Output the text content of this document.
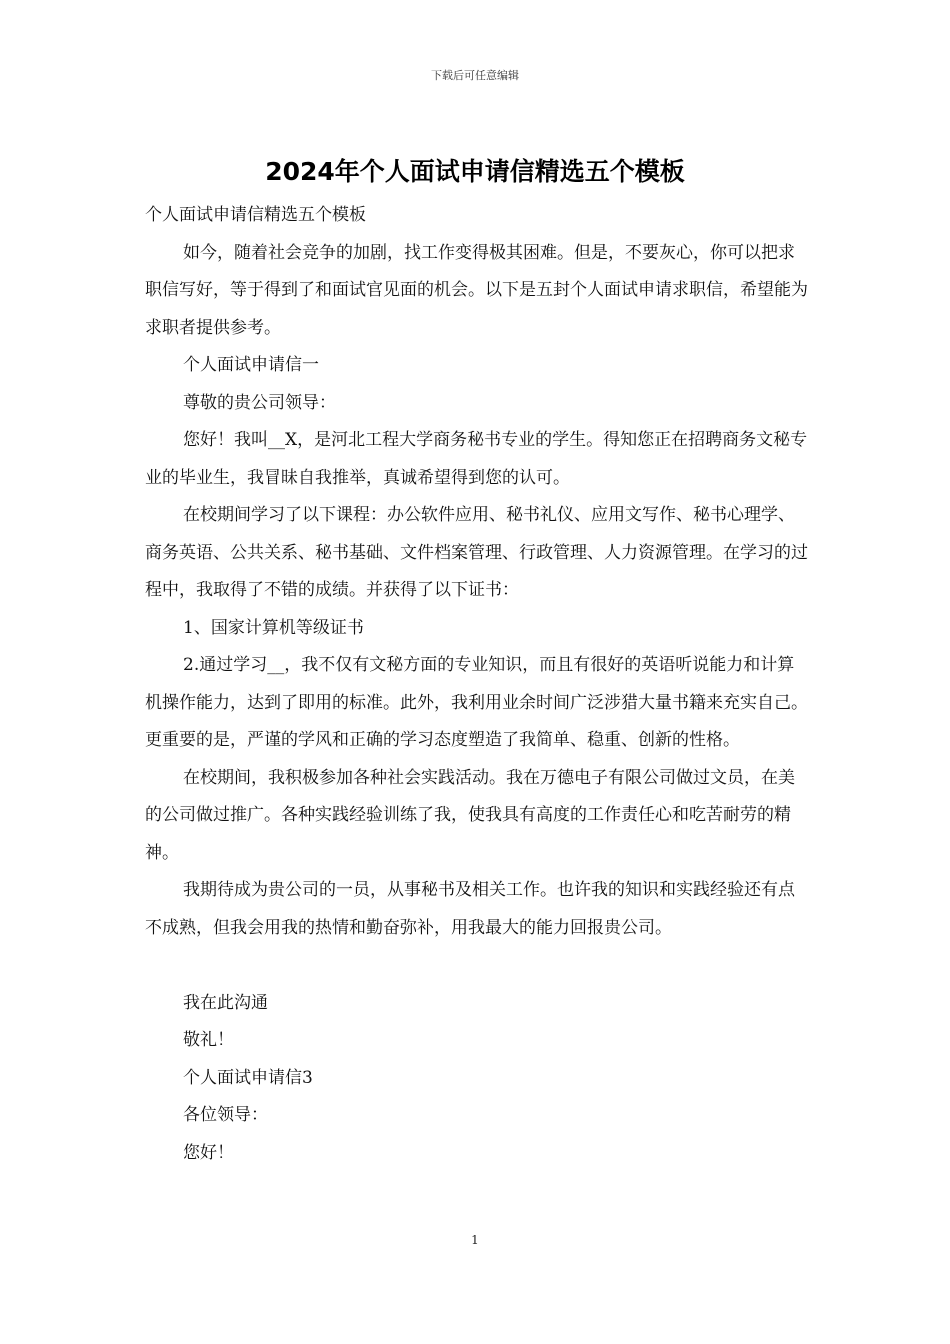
下载后可任意编辑
2024年个人面试申请信精选五个模板

个人面试申请信精选五个模板

如今，随着社会竞争的加剧，找工作变得极其困难。但是，不要灰心，你可以把求职信写好，等于得到了和面试官见面的机会。以下是五封个人面试申请求职信，希望能为求职者提供参考。

个人面试申请信一

尊敬的贵公司领导：

您好！我叫__X，是河北工程大学商务秘书专业的学生。得知您正在招聘商务文秘专业的毕业生，我冒昧自我推举，真诚希望得到您的认可。

在校期间学习了以下课程：办公软件应用、秘书礼仪、应用文写作、秘书心理学、商务英语、公共关系、秘书基础、文件档案管理、行政管理、人力资源管理。在学习的过程中，我取得了不错的成绩。并获得了以下证书：

1、国家计算机等级证书

2.通过学习__，我不仅有文秘方面的专业知识，而且有很好的英语听说能力和计算机操作能力，达到了即用的标准。此外，我利用业余时间广泛涉猎大量书籍来充实自己。更重要的是，严谨的学风和正确的学习态度塑造了我简单、稳重、创新的性格。

在校期间，我积极参加各种社会实践活动。我在万德电子有限公司做过文员，在美的公司做过推广。各种实践经验训练了我，使我具有高度的工作责任心和吃苦耐劳的精神。

我期待成为贵公司的一员，从事秘书及相关工作。也许我的知识和实践经验还有点不成熟，但我会用我的热情和勤奋弥补，用我最大的能力回报贵公司。

我在此沟通

敬礼！

个人面试申请信3

各位领导：

您好！

1
